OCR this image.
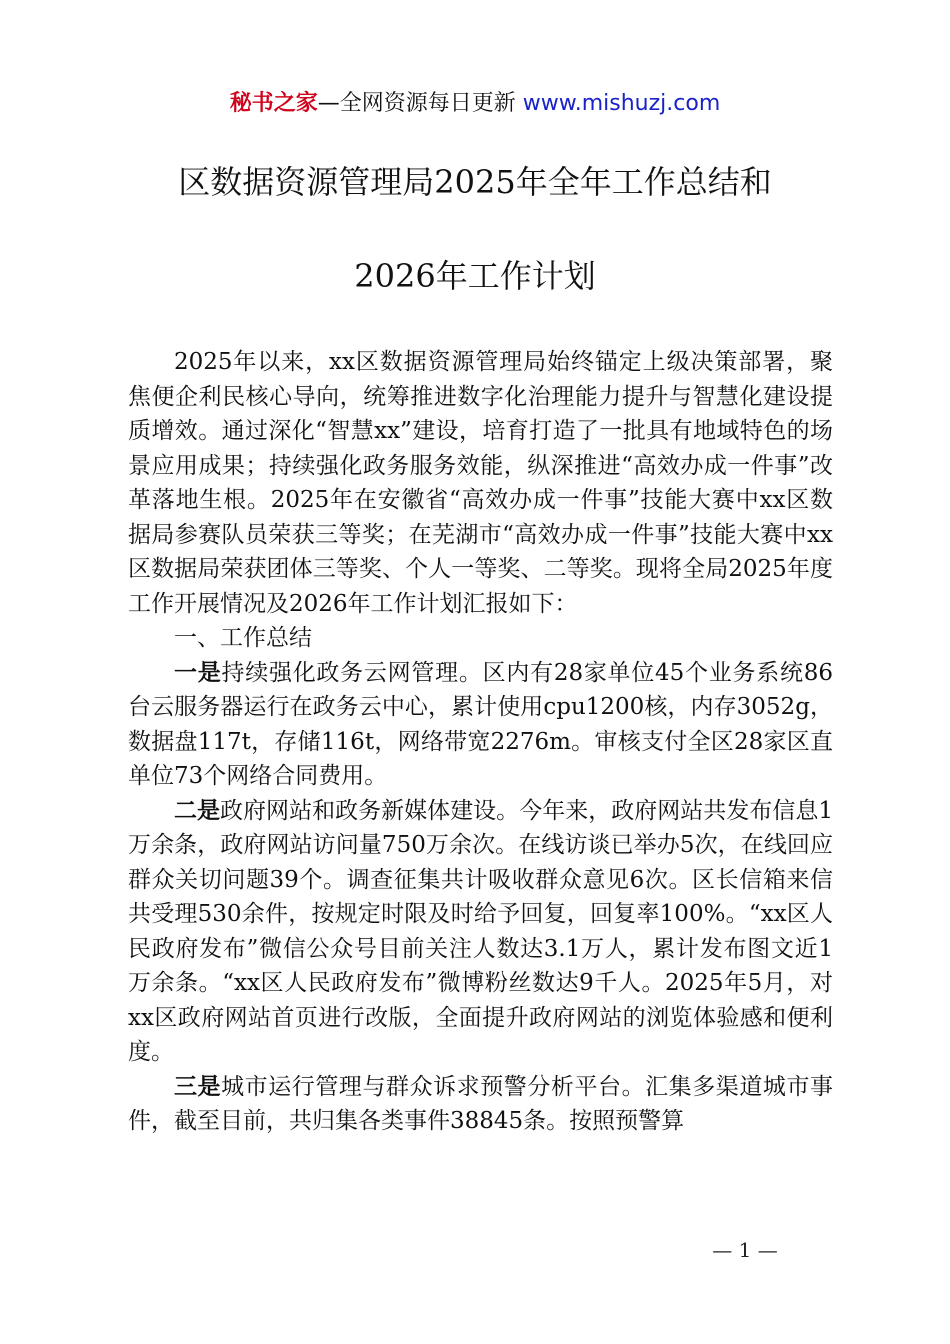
秘书之家—全网资源每日更新 www.mishuzj.com
区数据资源管理局2025年全年工作总结和
2026年工作计划

2025年以来，xx区数据资源管理局始终锚定上级决策部署，聚焦便企利民核心导向，统筹推进数字化治理能力提升与智慧化建设提质增效。通过深化“智慧xx”建设，培育打造了一批具有地域特色的场景应用成果；持续强化政务服务效能，纵深推进“高效办成一件事”改革落地生根。2025年在安徽省“高效办成一件事”技能大赛中xx区数据局参赛队员荣获三等奖；在芜湖市“高效办成一件事”技能大赛中xx区数据局荣获团体三等奖、个人一等奖、二等奖。现将全局2025年度工作开展情况及2026年工作计划汇报如下：

一、工作总结

一是持续强化政务云网管理。区内有28家单位45个业务系统86台云服务器运行在政务云中心，累计使用cpu1200核，内存3052g，数据盘117t，存储116t，网络带宽2276m。审核支付全区28家区直单位73个网络合同费用。

二是政府网站和政务新媒体建设。今年来，政府网站共发布信息1万余条，政府网站访问量750万余次。在线访谈已举办5次，在线回应群众关切问题39个。调查征集共计吸收群众意见6次。区长信箱来信共受理530余件，按规定时限及时给予回复，回复率100%。“xx区人民政府发布”微信公众号目前关注人数达3.1万人，累计发布图文近1万余条。“xx区人民政府发布”微博粉丝数达9千人。2025年5月，对xx区政府网站首页进行改版，全面提升政府网站的浏览体验感和便利度。

三是城市运行管理与群众诉求预警分析平台。汇集多渠道城市事件，截至目前，共归集各类事件38845条。按照预警算

— 1 —
